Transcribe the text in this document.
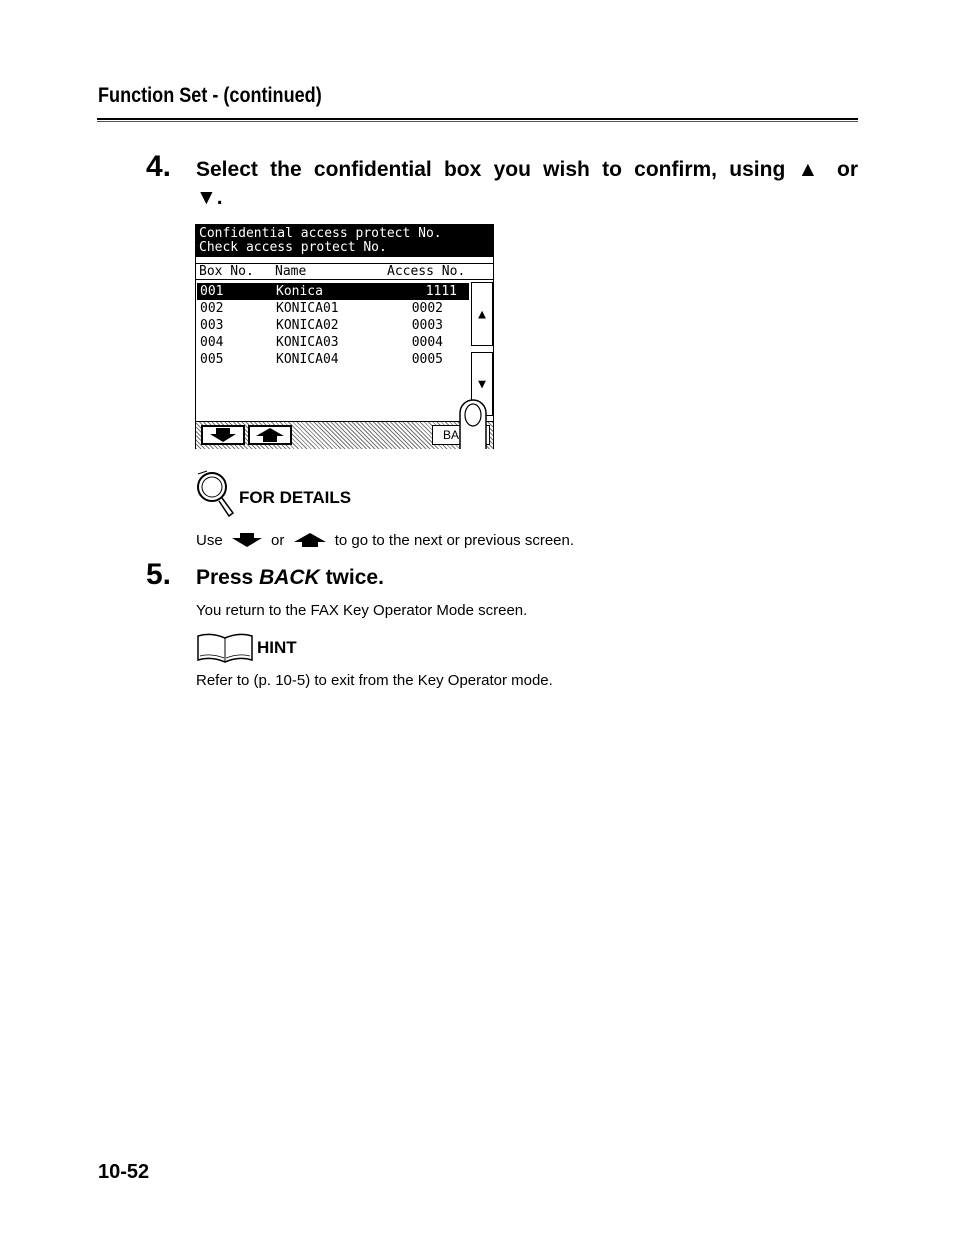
Function Set - (continued)
4. Select the confidential box you wish to confirm, using ▲ or
▼.
Confidential access protect No.
Check access protect No.
Box No. Name	Access No.
001	Konica	1111
002	KONICA01	0002
003	KONICA02	0003
004	KONICA03	0004
005	KONICA04	0005
▲
▼
BA
FOR DETAILS
Use	or	to go to the next or previous screen.
5. Press BACK twice.
You return to the FAX Key Operator Mode screen.
HINT
Refer to (p. 10-5) to exit from the Key Operator mode.
10-52
